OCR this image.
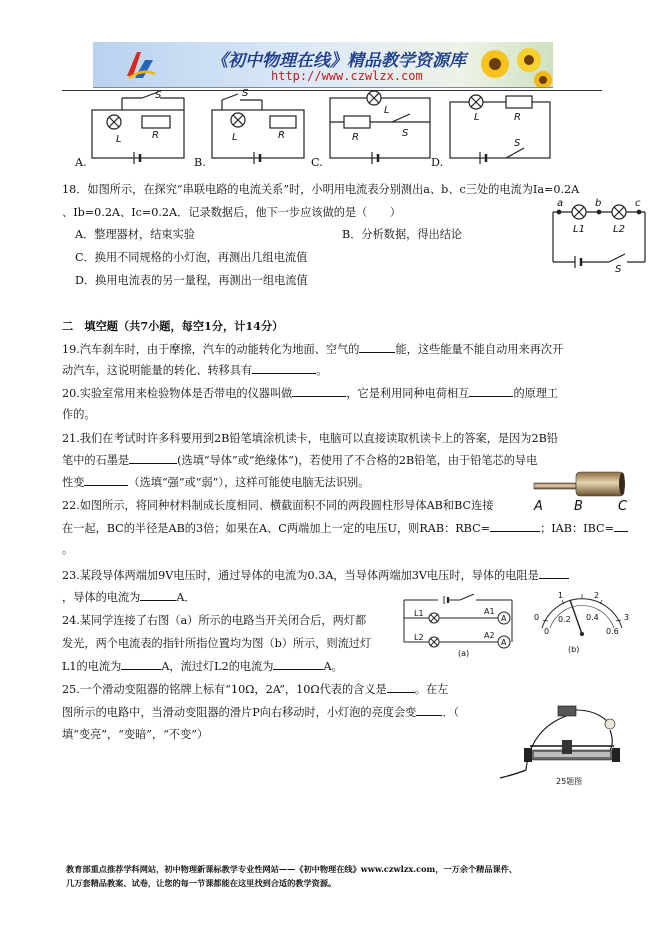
《初中物理在线》精品教学资源库
http://www.czwlzx.com
S
R
L
S
L	R
L
R	S
L	R
S
A.	B.	C.	D.
18．如图所示，在探究“串联电路的电流关系”时，小明用电流表分别测出a、b、c三处的电流为Ia=0.2A
、Ib=0.2A、Ic=0.2A．记录数据后，他下一步应该做的是（　　）
A．整理器材，结束实验	B．分析数据，得出结论
C．换用不同规格的小灯泡，再测出几组电流值
D．换用电流表的另一量程，再测出一组电流值
a	b	c
L1	L2
S
二　填空题（共7小题，每空1分，计14分）
19.汽车刹车时，由于摩擦，汽车的动能转化为地面、空气的	能，这些能量不能自动用来再次开
动汽车，这说明能量的转化、转移具有	。
20.实验室常用来检验物体是否带电的仪器叫做	，它是利用同种电荷相互	的原理工
作的。
21.我们在考试时许多科要用到2B铅笔填涂机读卡，电脑可以直接读取机读卡上的答案，是因为2B铅
笔中的石墨是	(选填“导体”或“绝缘体”)，若使用了不合格的2B铅笔，由于铅笔芯的导电
性变	（选填“强”或“弱”），这样可能使电脑无法识别。
22.如图所示，将同种材料制成长度相同、横截面积不同的两段圆柱形导体AB和BC连接
在一起，BC的半径是AB的3倍；如果在A、C两端加上一定的电压U，则RAB：RBC=	；IAB：IBC=
。
A B	C
23.某段导体两端加9V电压时，通过导体的电流为0.3A，当导体两端加3V电压时，导体的电阻是
，导体的电流为	A．
24.某同学连接了右图（a）所示的电路当开关闭合后，两灯都
发光，两个电流表的指针所指位置均为图（b）所示，则流过灯
L1的电流为	A，流过灯L2的电流为	A。
L1
L2
A1
A2
A
A
(a)
0
1	2
3
0
0.2 0.4
0.6
(b)
25.一个滑动变阻器的铭牌上标有“10Ω，2A”，10Ω代表的含义是	。在左
图所示的电路中，当滑动变阻器的滑片P向右移动时，小灯泡的亮度会变 ．（
填“变亮”，“变暗”，“不变”）
25题图
教育部重点推荐学科网站，初中物理新课标教学专业性网站——《初中物理在线》www.czwlzx.com，一万余个精品课件、
几万套精品教案、试卷，让您的每一节课都能在这里找到合适的教学资源。
